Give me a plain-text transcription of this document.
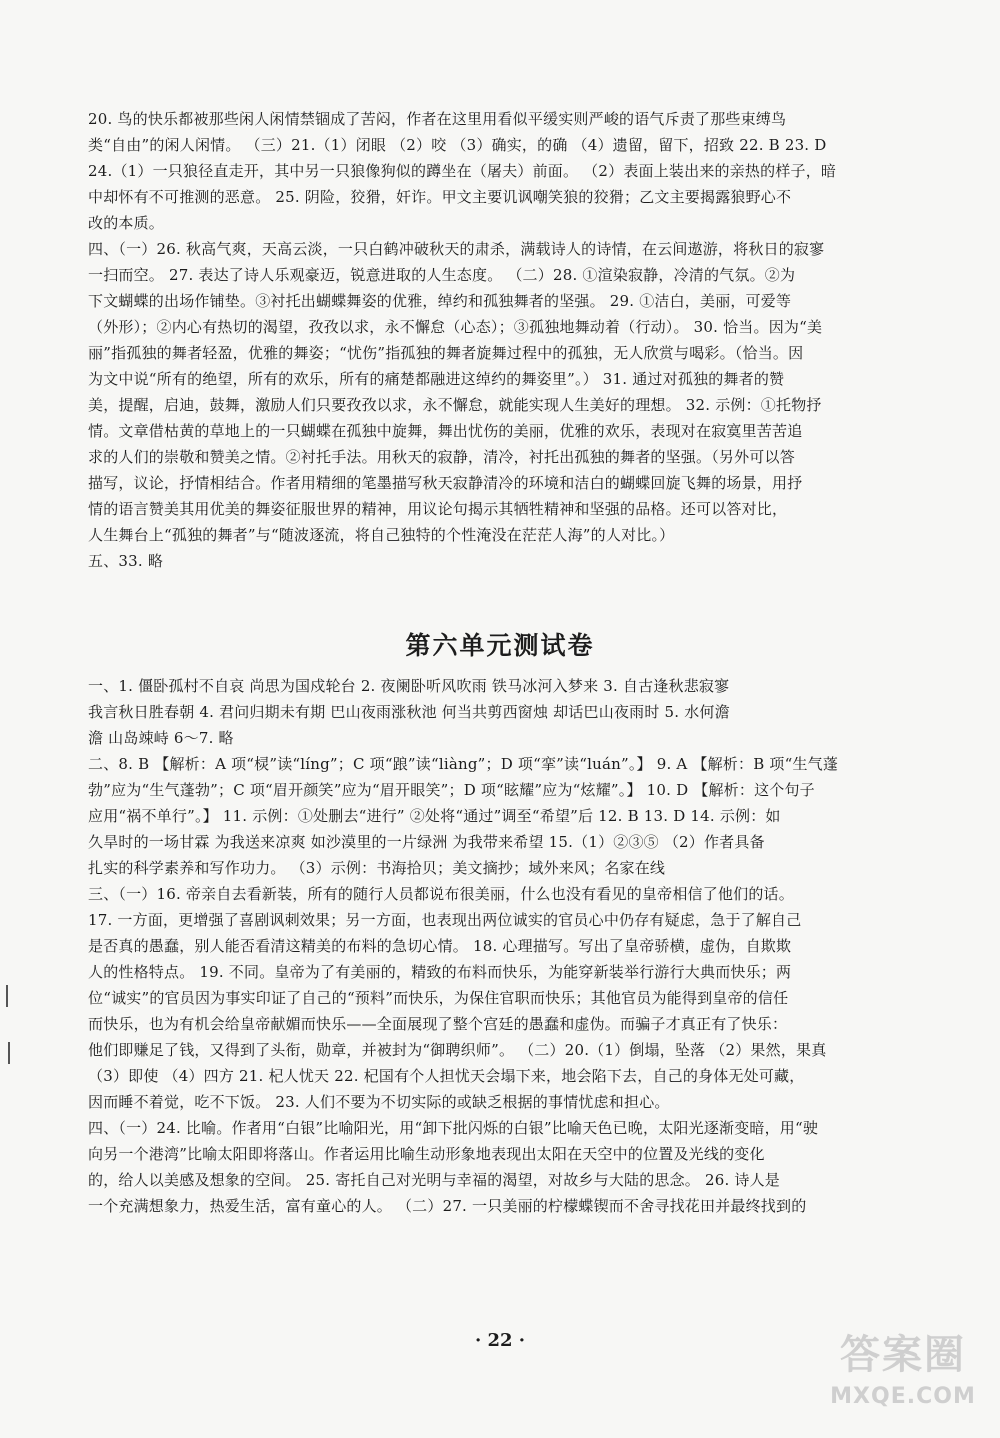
20. 鸟的快乐都被那些闲人闲情禁锢成了苦闷，作者在这里用看似平缓实则严峻的语气斥责了那些束缚鸟
类“自由”的闲人闲情。 （三）21.（1）闭眼 （2）咬 （3）确实，的确 （4）遗留，留下，招致 22. B 23. D
24.（1）一只狼径直走开，其中另一只狼像狗似的蹲坐在（屠夫）前面。 （2）表面上装出来的亲热的样子，暗
中却怀有不可推测的恶意。 25. 阴险，狡猾，奸诈。甲文主要讥讽嘲笑狼的狡猾；乙文主要揭露狼野心不
改的本质。
四、（一）26. 秋高气爽，天高云淡，一只白鹤冲破秋天的肃杀，满载诗人的诗情，在云间遨游，将秋日的寂寥
一扫而空。 27. 表达了诗人乐观豪迈，锐意进取的人生态度。 （二）28. ①渲染寂静，冷清的气氛。②为
下文蝴蝶的出场作铺垫。③衬托出蝴蝶舞姿的优雅，绰约和孤独舞者的坚强。 29. ①洁白，美丽，可爱等
（外形）；②内心有热切的渴望，孜孜以求，永不懈怠（心态）；③孤独地舞动着（行动）。 30. 恰当。因为“美
丽”指孤独的舞者轻盈，优雅的舞姿；“忧伤”指孤独的舞者旋舞过程中的孤独，无人欣赏与喝彩。（恰当。因
为文中说“所有的绝望，所有的欢乐，所有的痛楚都融进这绰约的舞姿里”。） 31. 通过对孤独的舞者的赞
美，提醒，启迪，鼓舞，激励人们只要孜孜以求，永不懈怠，就能实现人生美好的理想。 32. 示例：①托物抒
情。文章借枯黄的草地上的一只蝴蝶在孤独中旋舞，舞出忧伤的美丽，优雅的欢乐，表现对在寂寞里苦苦追
求的人们的崇敬和赞美之情。②衬托手法。用秋天的寂静，清冷，衬托出孤独的舞者的坚强。（另外可以答
描写，议论，抒情相结合。作者用精细的笔墨描写秋天寂静清冷的环境和洁白的蝴蝶回旋飞舞的场景，用抒
情的语言赞美其用优美的舞姿征服世界的精神，用议论句揭示其牺牲精神和坚强的品格。还可以答对比，
人生舞台上“孤独的舞者”与“随波逐流，将自己独特的个性淹没在茫茫人海”的人对比。）
五、33. 略
第六单元测试卷
一、1. 僵卧孤村不自哀 尚思为国戍轮台 2. 夜阑卧听风吹雨 铁马冰河入梦来 3. 自古逢秋悲寂寥
我言秋日胜春朝 4. 君问归期未有期 巴山夜雨涨秋池 何当共剪西窗烛 却话巴山夜雨时 5. 水何澹
澹 山岛竦峙 6～7. 略
二、8. B 【解析：A 项“棂”读“líng”；C 项“踉”读“liàng”；D 项“挛”读“luán”。】 9. A 【解析：B 项“生气蓬
勃”应为“生气蓬勃”；C 项“眉开颜笑”应为“眉开眼笑”；D 项“眩耀”应为“炫耀”。】 10. D 【解析：这个句子
应用“祸不单行”。】 11. 示例：①处删去“进行” ②处将“通过”调至“希望”后 12. B 13. D 14. 示例：如
久旱时的一场甘霖 为我送来凉爽 如沙漠里的一片绿洲 为我带来希望 15.（1）②③⑤ （2）作者具备
扎实的科学素养和写作功力。 （3）示例：书海拾贝；美文摘抄；域外来风；名家在线
三、（一）16. 帝亲自去看新装，所有的随行人员都说布很美丽，什么也没有看见的皇帝相信了他们的话。
17. 一方面，更增强了喜剧讽刺效果；另一方面，也表现出两位诚实的官员心中仍存有疑虑，急于了解自己
是否真的愚蠢，别人能否看清这精美的布料的急切心情。 18. 心理描写。写出了皇帝骄横，虚伪，自欺欺
人的性格特点。 19. 不同。皇帝为了有美丽的，精致的布料而快乐，为能穿新装举行游行大典而快乐；两
位“诚实”的官员因为事实印证了自己的“预料”而快乐，为保住官职而快乐；其他官员为能得到皇帝的信任
而快乐，也为有机会给皇帝献媚而快乐——全面展现了整个宫廷的愚蠢和虚伪。而骗子才真正有了快乐：
他们即赚足了钱，又得到了头衔，勋章，并被封为“御聘织师”。 （二）20.（1）倒塌，坠落 （2）果然，果真
（3）即使 （4）四方 21. 杞人忧天 22. 杞国有个人担忧天会塌下来，地会陷下去，自己的身体无处可藏，
因而睡不着觉，吃不下饭。 23. 人们不要为不切实际的或缺乏根据的事情忧虑和担心。
四、（一）24. 比喻。作者用“白银”比喻阳光，用“卸下批闪烁的白银”比喻天色已晚，太阳光逐渐变暗，用“驶
向另一个港湾”比喻太阳即将落山。作者运用比喻生动形象地表现出太阳在天空中的位置及光线的变化
的，给人以美感及想象的空间。 25. 寄托自己对光明与幸福的渴望，对故乡与大陆的思念。 26. 诗人是
一个充满想象力，热爱生活，富有童心的人。 （二）27. 一只美丽的柠檬蝶锲而不舍寻找花田并最终找到的
· 22 ·	答案圈
MXQE.COM
